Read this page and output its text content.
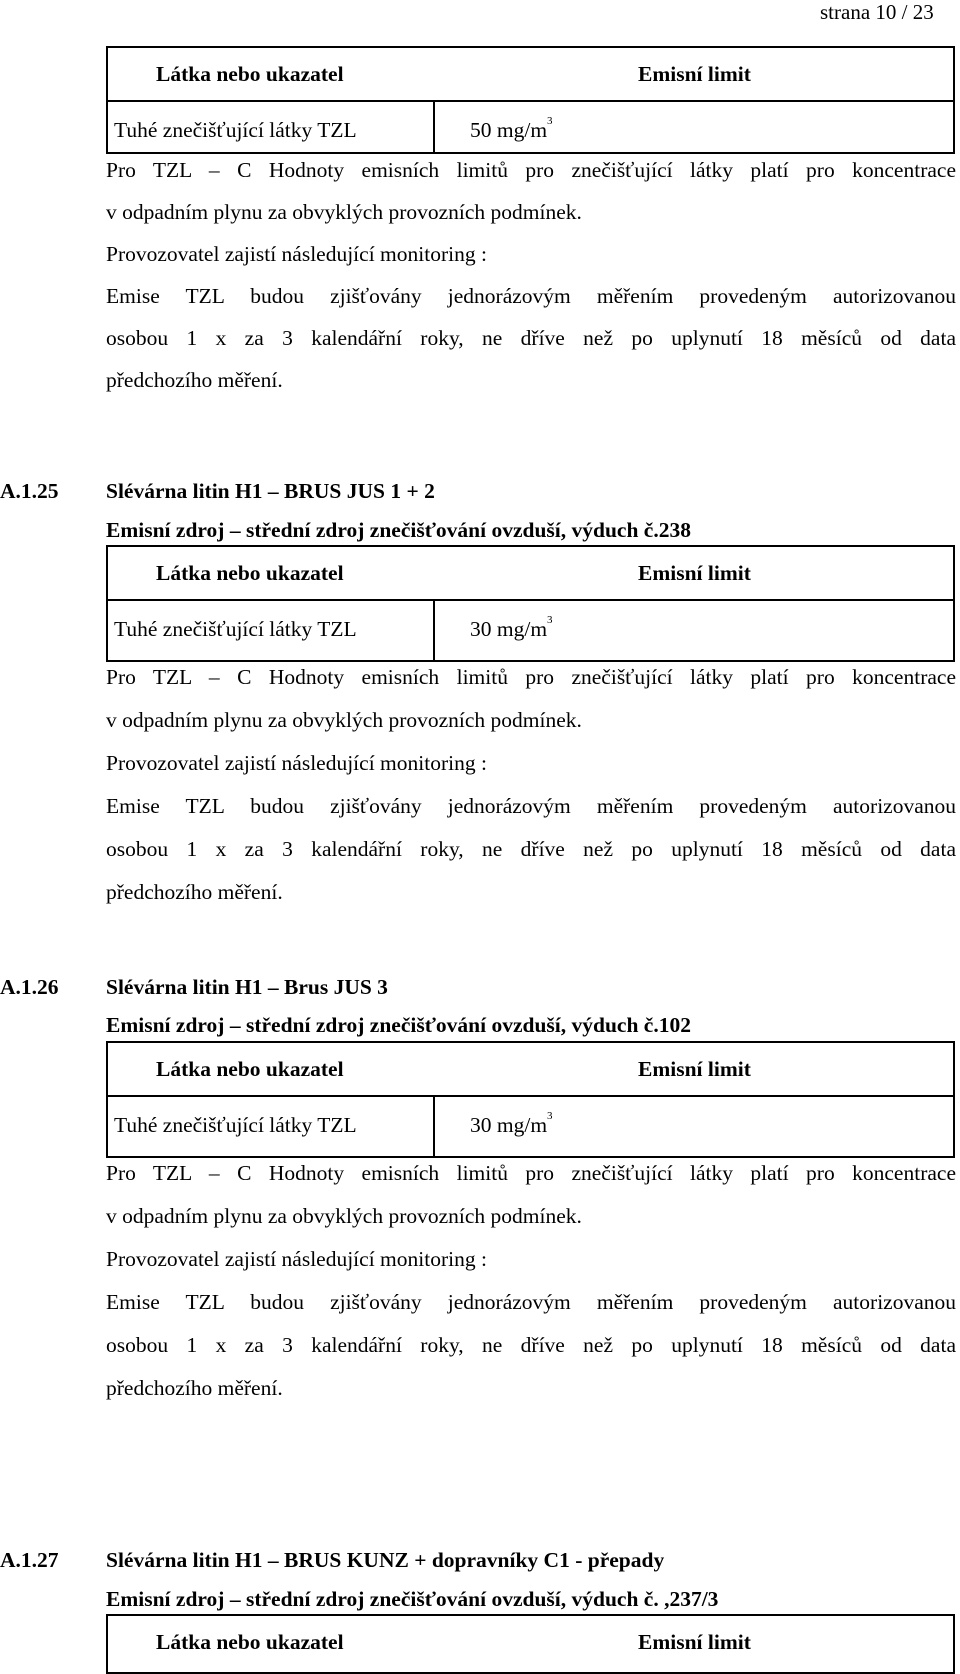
strana 10 / 23
Látka nebo ukazatel	Emisní limit
Tuhé znečišťující látky TZL	50 $mg/m^3$
Pro TZL – C Hodnoty emisních limitů pro znečišťující látky platí pro koncentrace
v odpadním plynu za obvyklých provozních podmínek.
Provozovatel zajistí následující monitoring :
Emise TZL budou zjišťovány jednorázovým měřením provedeným autorizovanou
osobou 1 x za 3 kalendářní roky, ne dříve než po uplynutí 18 měsíců od data
předchozího měření.
A.1.25 Slévárna litin H1 – BRUS JUS 1 + 2
Emisní zdroj – střední zdroj znečišťování ovzduší, výduch č.238
Látka nebo ukazatel	Emisní limit
Tuhé znečišťující látky TZL	30 $mg/m^3$
Pro TZL – C Hodnoty emisních limitů pro znečišťující látky platí pro koncentrace
v odpadním plynu za obvyklých provozních podmínek.
Provozovatel zajistí následující monitoring :
Emise TZL budou zjišťovány jednorázovým měřením provedeným autorizovanou
osobou 1 x za 3 kalendářní roky, ne dříve než po uplynutí 18 měsíců od data
předchozího měření.
A.1.26 Slévárna litin H1 – Brus JUS 3
Emisní zdroj – střední zdroj znečišťování ovzduší, výduch č.102
Látka nebo ukazatel	Emisní limit
Tuhé znečišťující látky TZL	30 $mg/m^3$
Pro TZL – C Hodnoty emisních limitů pro znečišťující látky platí pro koncentrace
v odpadním plynu za obvyklých provozních podmínek.
Provozovatel zajistí následující monitoring :
Emise TZL budou zjišťovány jednorázovým měřením provedeným autorizovanou
osobou 1 x za 3 kalendářní roky, ne dříve než po uplynutí 18 měsíců od data
předchozího měření.
A.1.27 Slévárna litin H1 – BRUS KUNZ + dopravníky C1 - přepady
Emisní zdroj – střední zdroj znečišťování ovzduší, výduch č. ,237/3
Látka nebo ukazatel	Emisní limit
